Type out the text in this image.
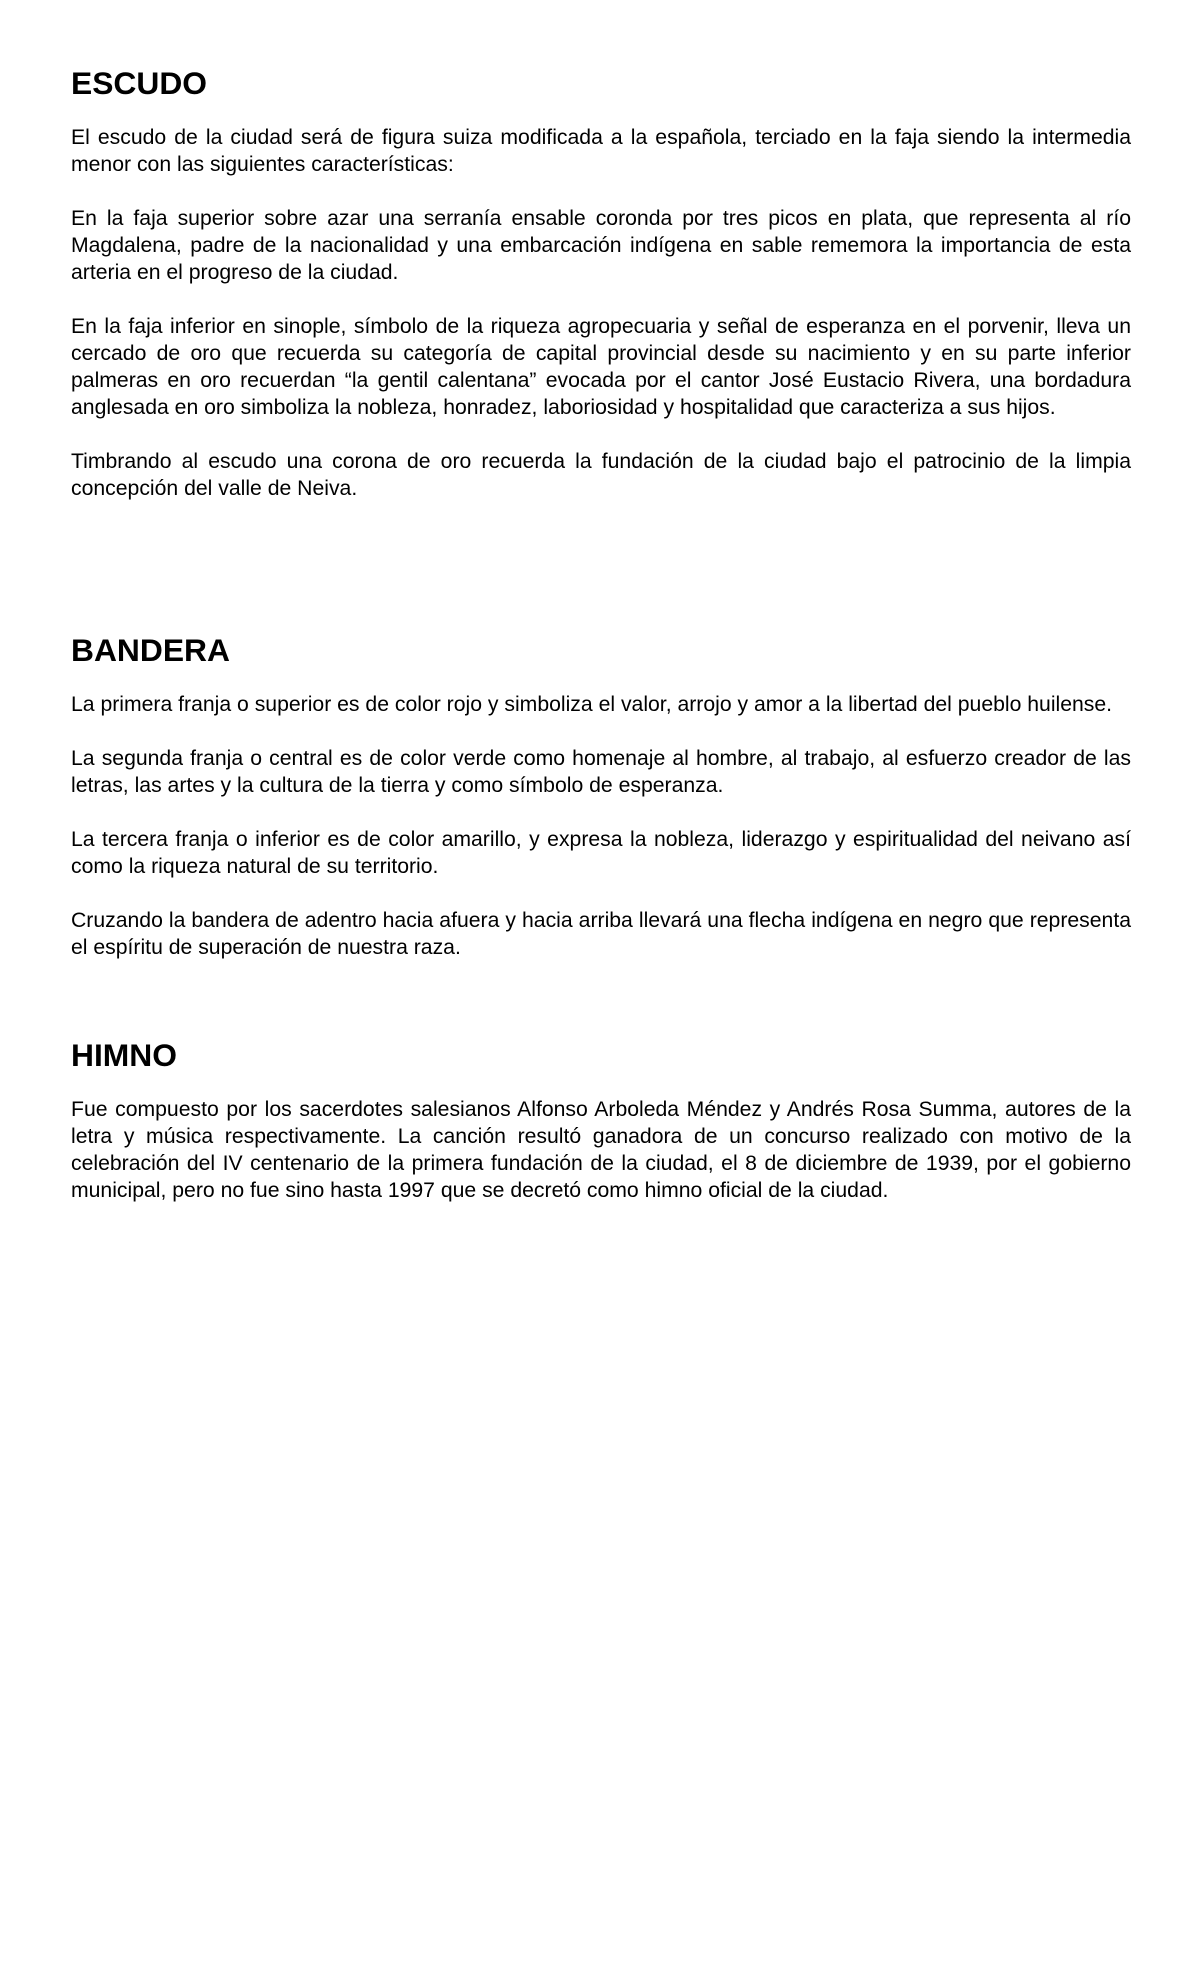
ESCUDO

El escudo de la ciudad será de figura suiza modificada a la española, terciado en la faja siendo la intermedia menor con las siguientes características:

En la faja superior sobre azar una serranía ensable coronda por tres picos en plata, que representa al río Magdalena, padre de la nacionalidad y una embarcación indígena en sable rememora la importancia de esta arteria en el progreso de la ciudad.

En la faja inferior en sinople, símbolo de la riqueza agropecuaria y señal de esperanza en el porvenir, lleva un cercado de oro que recuerda su categoría de capital provincial desde su nacimiento y en su parte inferior palmeras en oro recuerdan “la gentil calentana” evocada por el cantor José Eustacio Rivera, una bordadura anglesada en oro simboliza la nobleza, honradez, laboriosidad y hospitalidad que caracteriza a sus hijos.

Timbrando al escudo una corona de oro recuerda la fundación de la ciudad bajo el patrocinio de la limpia concepción del valle de Neiva.

BANDERA

La primera franja o superior es de color rojo y simboliza el valor, arrojo y amor a la libertad del pueblo huilense.

La segunda franja o central es de color verde como homenaje al hombre, al trabajo, al esfuerzo creador de las letras, las artes y la cultura de la tierra y como símbolo de esperanza.

La tercera franja o inferior es de color amarillo, y expresa la nobleza, liderazgo y espiritualidad del neivano así como la riqueza natural de su territorio.

Cruzando la bandera de adentro hacia afuera y hacia arriba llevará una flecha indígena en negro que representa el espíritu de superación de nuestra raza.

HIMNO

Fue compuesto por los sacerdotes salesianos Alfonso Arboleda Méndez y Andrés Rosa Summa, autores de la letra y música respectivamente. La canción resultó ganadora de un concurso realizado con motivo de la celebración del IV centenario de la primera fundación de la ciudad, el 8 de diciembre de 1939, por el gobierno municipal, pero no fue sino hasta 1997 que se decretó como himno oficial de la ciudad.
